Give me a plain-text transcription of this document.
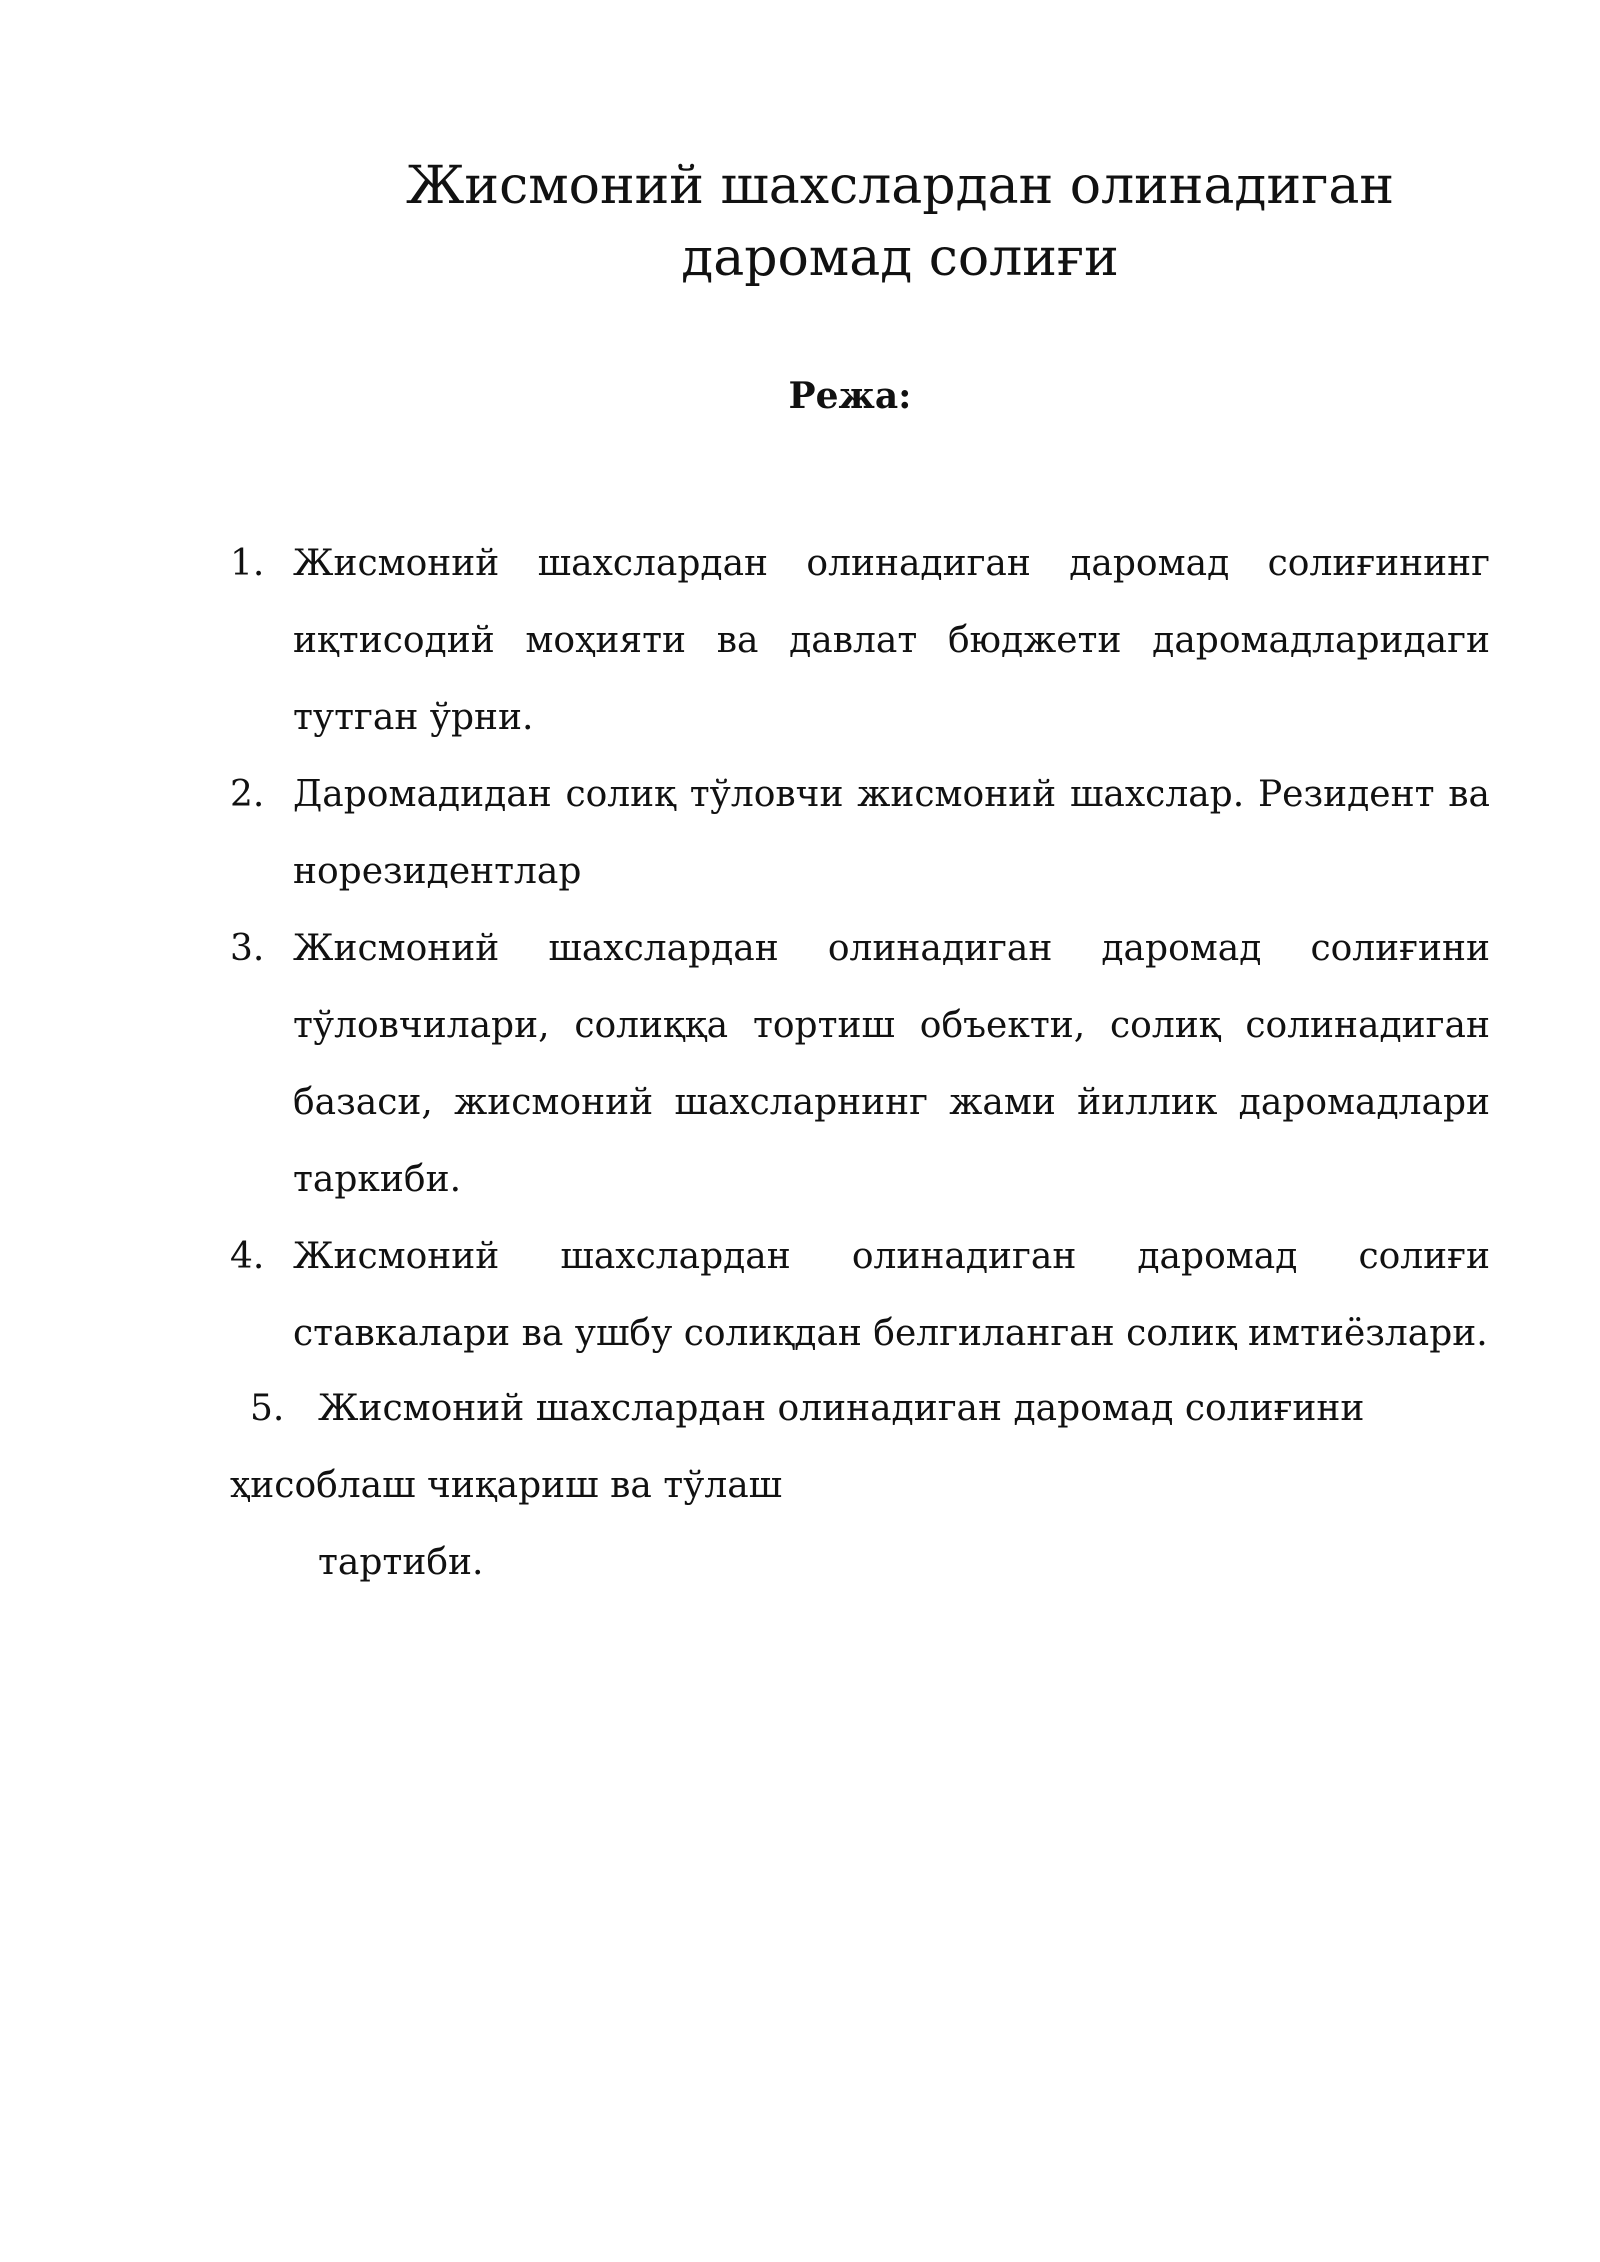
Жисмоний шахслардан олинадиган
даромад солиғи
Режа:
1. Жисмоний шахслардан олинадиган даромад солиғининг иқтисодий моҳияти ва давлат бюджети даромадларидаги тутган ўрни.
2. Даромадидан солиқ тўловчи жисмоний шахслар. Резидент ва норезидентлар
3. Жисмоний шахслардан олинадиган даромад солиғини тўловчилари, солиққа тортиш объекти, солиқ солинадиган базаси, жисмоний шахсларнинг жами йиллик даромадлари таркиби.
4. Жисмоний шахслардан олинадиган даромад солиғи ставкалари ва ушбу солиқдан белгиланган солиқ имтиёзлари.
5. Жисмоний шахслардан олинадиган даромад солиғини
ҳисоблаш чиқариш ва тўлаш
тартиби.
